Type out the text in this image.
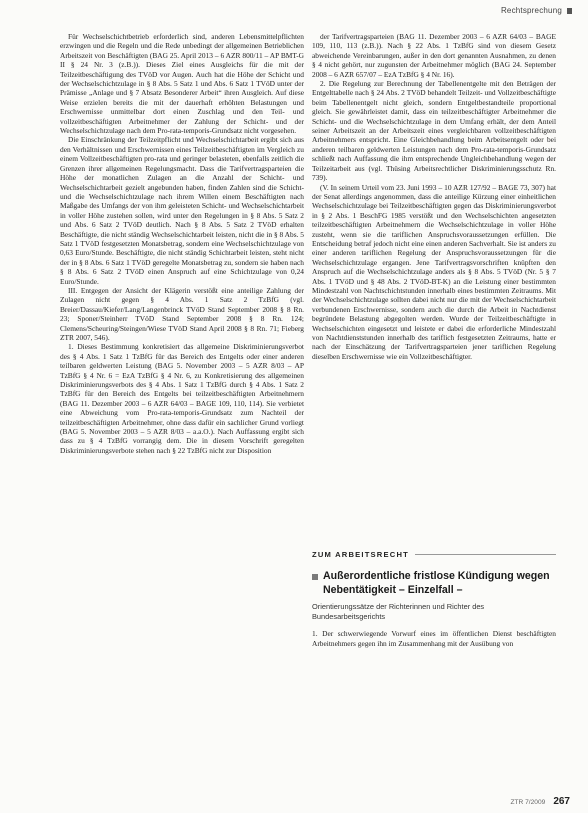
Rechtsprechung

Für Wechselschichtbetrieb erforderlich sind, anderen Lebensmittelpflichten erzwingen und die Regeln und die Rede unbedingt der allgemeinen Betrieblichen Arbeitszeit von Beschäftigten (BAG 25. April 2013 – 6 AZR 800/11 – AP BMT-G II § 24 Nr. 3 (z.B.)). Dieses Ziel eines Ausgleichs für die mit der Teilzeitbeschäftigung des TVöD vor Augen. Auch hat die Höhe der Schicht und der Wechselschichtzulage in § 8 Abs. 5 Satz 1 und Abs. 6 Satz 1 TVöD unter der Prämisse „Anlage und § 7 Absatz Besonderer Arbeit“ ihren Ausgleich. Auf diese Weise erzielen bereits die mit der dauerhaft erhöhten Belastungen und Erschwernisse unmittelbar dort einen Zuschlag und den Teil- und vollzeitbeschäftigten Arbeitnehmer der Zahlung der Schicht- und der Wechselschichtzulage nach dem Pro-rata-temporis-Grundsatz nicht vorgesehen.

Die Einschränkung der Teilzeitpflicht und Wechselschichtarbeit ergibt sich aus den Verhältnissen und Erschwernissen eines Teilzeitbeschäftigten im Vergleich zu einem Vollzeitbeschäftigten pro-rata und geringer belasteten, ebenfalls zeitlich die Grenzen ihrer allgemeinen Regelungsmacht. Dass die Tarifvertragsparteien die Höhe der monatlichen Zulagen an die Anzahl der Schicht- und Wechselschichtarbeit gezielt angebunden haben, finden Zahlen sind die Schicht- und die Wechselschichtzulage nach ihrem Willen einem Beschäftigten nach Maßgabe des Umfangs der von ihm geleisteten Schicht- und Wechselschichtarbeit in voller Höhe zustehen sollen, wird unter den Regelungen in § 8 Abs. 5 Satz 2 und Abs. 6 Satz 2 TVöD deutlich. Nach § 8 Abs. 5 Satz 2 TVöD erhalten Beschäftigte, die nicht ständig Wechselschichtarbeit leisten, nicht die in § 8 Abs. 5 Satz 1 TVöD festgesetzten Monatsbetrag, sondern eine Wechselschichtzulage von 0,63 Euro/Stunde. Beschäftigte, die nicht ständig Schichtarbeit leisten, steht nicht der in § 8 Abs. 6 Satz 1 TVöD geregelte Monatsbetrag zu, sondern sie haben nach § 8 Abs. 6 Satz 2 TVöD einen Anspruch auf eine Schichtzulage von 0,24 Euro/Stunde.

III. Entgegen der Ansicht der Klägerin verstößt eine anteilige Zahlung der Zulagen nicht gegen § 4 Abs. 1 Satz 2 TzBfG (vgl. Breier/Dassau/Kiefer/Lang/Langenbrinck TVöD Stand September 2008 § 8 Rn. 23; Sponer/Steinherr TVöD Stand September 2008 § 8 Rn. 124; Clemens/Scheuring/Steingen/Wiese TVöD Stand April 2008 § 8 Rn. 71; Fieberg ZTR 2007, 546).

1. Dieses Bestimmung konkretisiert das allgemeine Diskriminierungsverbot des § 4 Abs. 1 Satz 1 TzBfG für das Bereich des Entgelts oder einer anderen teilbaren geldwerten Leistung (BAG 5. November 2003 – 5 AZR 8/03 – AP TzBfG § 4 Nr. 6 = EzA TzBfG § 4 Nr. 6, zu Konkretisierung des allgemeinen Diskriminierungsverbots des § 4 Abs. 1 Satz 1 TzBfG durch § 4 Abs. 1 Satz 2 TzBfG für den Bereich des Entgelts bei teilzeitbeschäftigten Arbeitnehmern (BAG 11. Dezember 2003 – 6 AZR 64/03 – BAGE 109, 110, 114). Sie verbietet eine Abweichung vom Pro-rata-temporis-Grundsatz zum Nachteil der teilzeitbeschäftigten Arbeitnehmer, ohne dass dafür ein sachlicher Grund vorliegt (BAG 5. November 2003 – 5 AZR 8/03 – a.a.O.). Nach Auffassung ergibt sich dass zu § 4 TzBfG vorrangig dem. Die in diesem Vorschrift geregelten Diskriminierungsverbote stehen nach § 22 TzBfG nicht zur Disposition

der Tarifvertragsparteien (BAG 11. Dezember 2003 – 6 AZR 64/03 – BAGE 109, 110, 113 (z.B.)). Nach § 22 Abs. 1 TzBfG sind von diesem Gesetz abweichende Vereinbarungen, außer in den dort genannten Ausnahmen, zu denen § 4 nicht gehört, nur zugunsten der Arbeitnehmer möglich (BAG 24. September 2008 – 6 AZR 657/07 – EzA TzBfG § 4 Nr. 16).

2. Die Regelung zur Berechnung der Tabellenentgelte mit den Beträgen der Entgelttabelle nach § 24 Abs. 2 TVöD behandelt Teilzeit- und Vollzeitbeschäftigte beim Tabellenentgelt nicht gleich, sondern Entgeltbestandteile proportional gleich. Sie gewährleistet damit, dass ein teilzeitbeschäftigter Arbeitnehmer die Schicht- und die Wechselschichtzulage in dem Umfang erhält, der dem Anteil seiner Arbeitszeit an der Arbeitszeit eines vergleichbaren vollzeitbeschäftigten Arbeitnehmers entspricht. Eine Gleichbehandlung beim Arbeitsentgelt oder bei anderen teilbaren geldwerten Leistungen nach dem Pro-rata-temporis-Grundsatz schließt nach Auffassung die ihm entsprechende Ungleichbehandlung wegen der Teilzeitarbeit aus (vgl. Thüsing Arbeitsrechtlicher Diskriminierungsschutz Rn. 739).

(V. In seinem Urteil vom 23. Juni 1993 – 10 AZR 127/92 – BAGE 73, 307) hat der Senat allerdings angenommen, dass die anteilige Kürzung einer einheitlichen Wechselschichtzulage bei Teilzeitbeschäftigten gegen das Diskriminierungsverbot in § 2 Abs. 1 BeschFG 1985 verstößt und den Wechselschichten angesetzten teilzeitbeschäftigten Arbeitnehmern die Wechselschichtzulage in voller Höhe zusteht, wenn sie die tariflichen Anspruchsvoraussetzungen erfüllen. Die Entscheidung betraf jedoch nicht eine einen anderen Sachverhalt. Sie ist anders zu einer anderen tariflichen Regelung der Anspruchsvoraussetzungen für die Wechselschichtzulage ergangen. Jene Tarifvertragsvorschriften knüpften den Anspruch auf die Wechselschichtzulage anders als § 8 Abs. 5 TVöD (Nr. 5 § 7 Abs. 1 TVöD und § 48 Abs. 2 TVöD-BT-K) an die Leistung einer bestimmten Mindestzahl von Nachtschichtstunden innerhalb eines bestimmten Zeitraums. Mit der Wechselschichtzulage sollten dabei nicht nur die mit der Wechselschichtarbeit verbundenen Erschwernisse, sondern auch die durch die Arbeit in Nachtdienst begründete Belastung abgegolten werden. Wurde der Teilzeitbeschäftigte in Wechselschichten eingesetzt und leistete er dabei die erforderliche Mindestzahl von Nachtdienststunden innerhalb des tariflich festgesetzten Zeitraums, hatte er nach der Einschätzung der Tarifvertragsparteien jener tariflichen Regelung dieselben Erschwernisse wie ein Vollzeitbeschäftigter.

ZUM ARBEITSRECHT
Außerordentliche fristlose Kündigung wegen Nebentätigkeit – Einzelfall –
Orientierungssätze der Richterinnen und Richter des Bundesarbeitsgerichts
1. Der schwerwiegende Vorwurf eines im öffentlichen Dienst beschäftigten Arbeitnehmers gegen ihn im Zusammenhang mit der Ausübung von
ZTR 7/2009 267
